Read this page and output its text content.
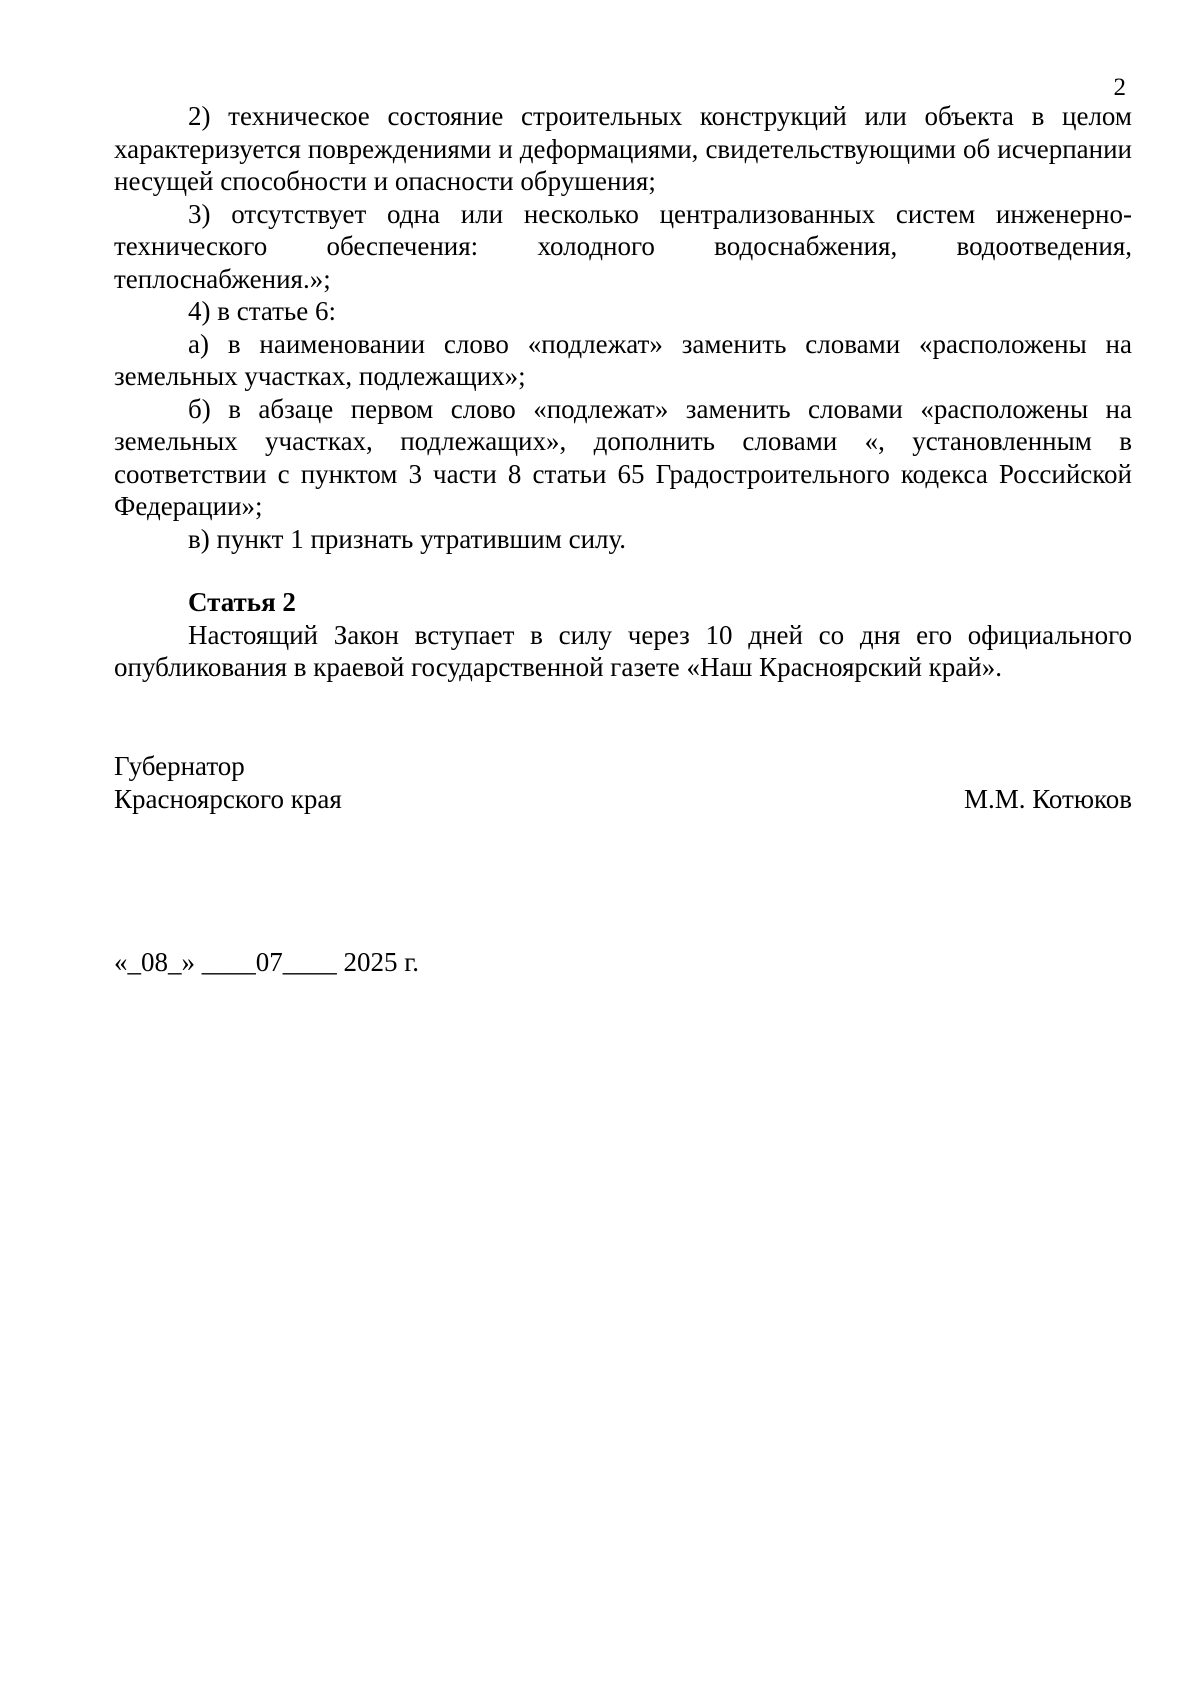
2

2) техническое состояние строительных конструкций или объекта в целом характеризуется повреждениями и деформациями, свидетельствующими об исчерпании несущей способности и опасности обрушения;

3) отсутствует одна или несколько централизованных систем инженерно-технического обеспечения: холодного водоснабжения, водоотведения, теплоснабжения.»;

4) в статье 6:

а) в наименовании слово «подлежат» заменить словами «расположены на земельных участках, подлежащих»;

б) в абзаце первом слово «подлежат» заменить словами «расположены на земельных участках, подлежащих», дополнить словами «, установленным в соответствии с пунктом 3 части 8 статьи 65 Градостроительного кодекса Российской Федерации»;

в) пункт 1 признать утратившим силу.

Статья 2

Настоящий Закон вступает в силу через 10 дней со дня его официального опубликования в краевой государственной газете «Наш Красноярский край».

Губернатор
Красноярского края	М.М. Котюков
«_08_» ____07____ 2025 г.
